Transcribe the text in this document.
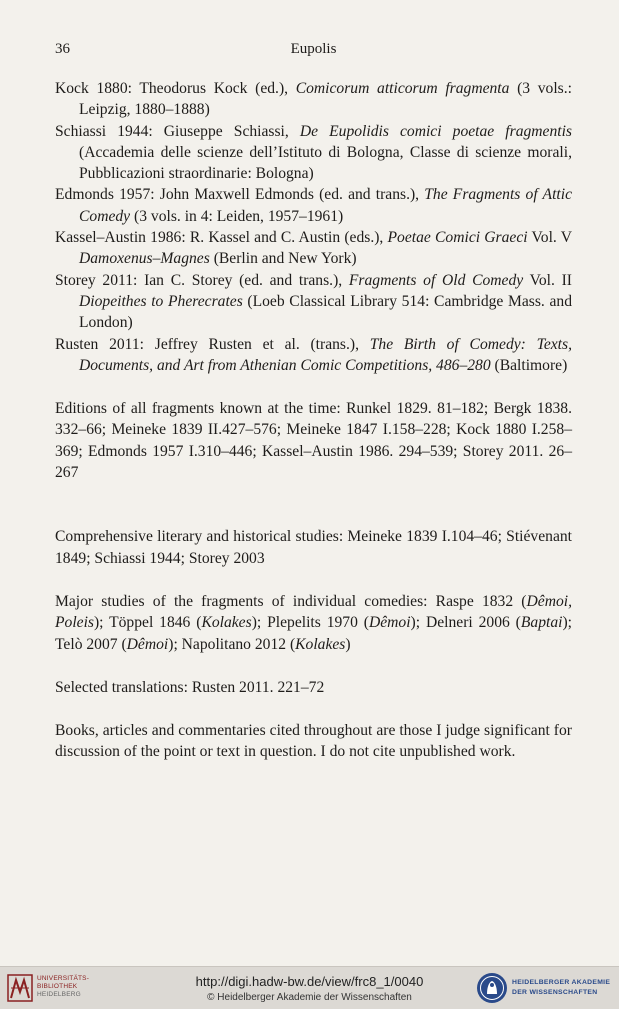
36	Eupolis

Kock 1880: Theodorus Kock (ed.), Comicorum atticorum fragmenta (3 vols.: Leipzig, 1880–1888)

Schiassi 1944: Giuseppe Schiassi, De Eupolidis comici poetae fragmentis (Accademia delle scienze dell’Istituto di Bologna, Classe di scienze morali, Pubblicazioni straordinarie: Bologna)

Edmonds 1957: John Maxwell Edmonds (ed. and trans.), The Fragments of Attic Comedy (3 vols. in 4: Leiden, 1957–1961)

Kassel–Austin 1986: R. Kassel and C. Austin (eds.), Poetae Comici Graeci Vol. V Damoxenus–Magnes (Berlin and New York)

Storey 2011: Ian C. Storey (ed. and trans.), Fragments of Old Comedy Vol. II Diopeithes to Pherecrates (Loeb Classical Library 514: Cambridge Mass. and London)

Rusten 2011: Jeffrey Rusten et al. (trans.), The Birth of Comedy: Texts, Documents, and Art from Athenian Comic Competitions, 486–280 (Baltimore)

Editions of all fragments known at the time: Runkel 1829. 81–182; Bergk 1838. 332–66; Meineke 1839 II.427–576; Meineke 1847 I.158–228; Kock 1880 I.258–369; Edmonds 1957 I.310–446; Kassel–Austin 1986. 294–539; Storey 2011. 26–267

Comprehensive literary and historical studies: Meineke 1839 I.104–46; Stiévenant 1849; Schiassi 1944; Storey 2003

Major studies of the fragments of individual comedies: Raspe 1832 (Dêmoi, Poleis); Töppel 1846 (Kolakes); Plepelits 1970 (Dêmoi); Delneri 2006 (Baptai); Telò 2007 (Dêmoi); Napolitano 2012 (Kolakes)

Selected translations: Rusten 2011. 221–72

Books, articles and commentaries cited throughout are those I judge significant for discussion of the point or text in question. I do not cite unpublished work.

UNIVERSITÄTS-
BIBLIOTHEK
HEIDELBERG
http://digi.hadw-bw.de/view/frc8_1/0040
© Heidelberger Akademie der Wissenschaften
HEIDELBERGER AKADEMIE
DER WISSENSCHAFTEN
